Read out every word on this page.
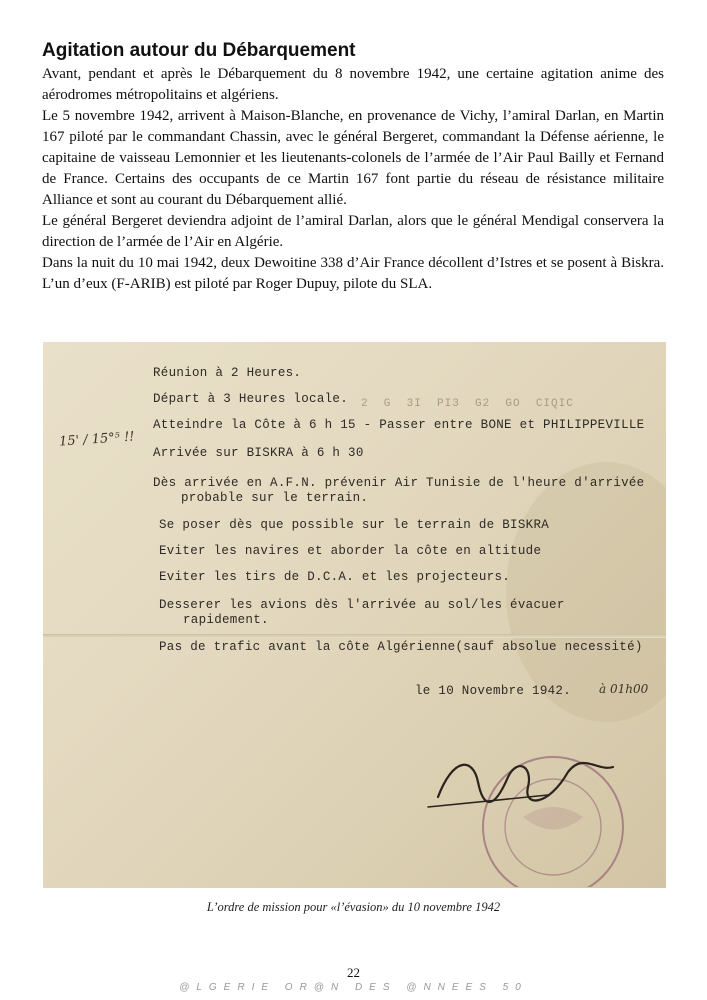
Agitation autour du Débarquement

Avant, pendant et après le Débarquement du 8 novembre 1942, une certaine agitation anime des aérodromes métropolitains et algériens.

Le 5 novembre 1942, arrivent à Maison-Blanche, en provenance de Vichy, l’amiral Darlan, en Martin 167 piloté par le commandant Chassin, avec le général Bergeret, commandant la Défense aérienne, le capitaine de vaisseau Lemonnier et les lieutenants-colonels de l’armée de l’Air Paul Bailly et Fernand de France. Certains des occupants de ce Martin 167 font partie du réseau de résistance militaire Alliance et sont au courant du Débarquement allié.

Le général Bergeret deviendra adjoint de l’amiral Darlan, alors que le général Mendigal conservera la direction de l’armée de l’Air en Algérie.

Dans la nuit du 10 mai 1942, deux Dewoitine 338 d’Air France décollent d’Istres et se posent à Biskra. L’un d’eux (F-ARIB) est piloté par Roger Dupuy, pilote du SLA.

2  G  3I  PI3  G2  GO  CIQIC
Réunion à 2 Heures.
Départ à 3 Heures locale.
Atteindre la Côte à 6 h 15 - Passer entre BONE et PHILIPPEVILLE
Arrivée sur BISKRA à 6 h 30
Dès arrivée en A.F.N. prévenir Air Tunisie de l'heure d'arrivée
probable sur le terrain.
Se poser dès que possible sur le terrain de BISKRA
Eviter les navires et aborder la côte en altitude
Eviter les tirs de D.C.A. et les projecteurs.
Desserer les avions dès l'arrivée au sol/les évacuer
rapidement.
Pas de trafic avant la côte Algérienne(sauf absolue necessité)
le 10 Novembre 1942.
15' / 15°⁵ !!
à 01h00
L’ordre de mission pour «l’évasion» du 10 novembre 1942
22
@LGERIE OR@N DES @NNEES 50
